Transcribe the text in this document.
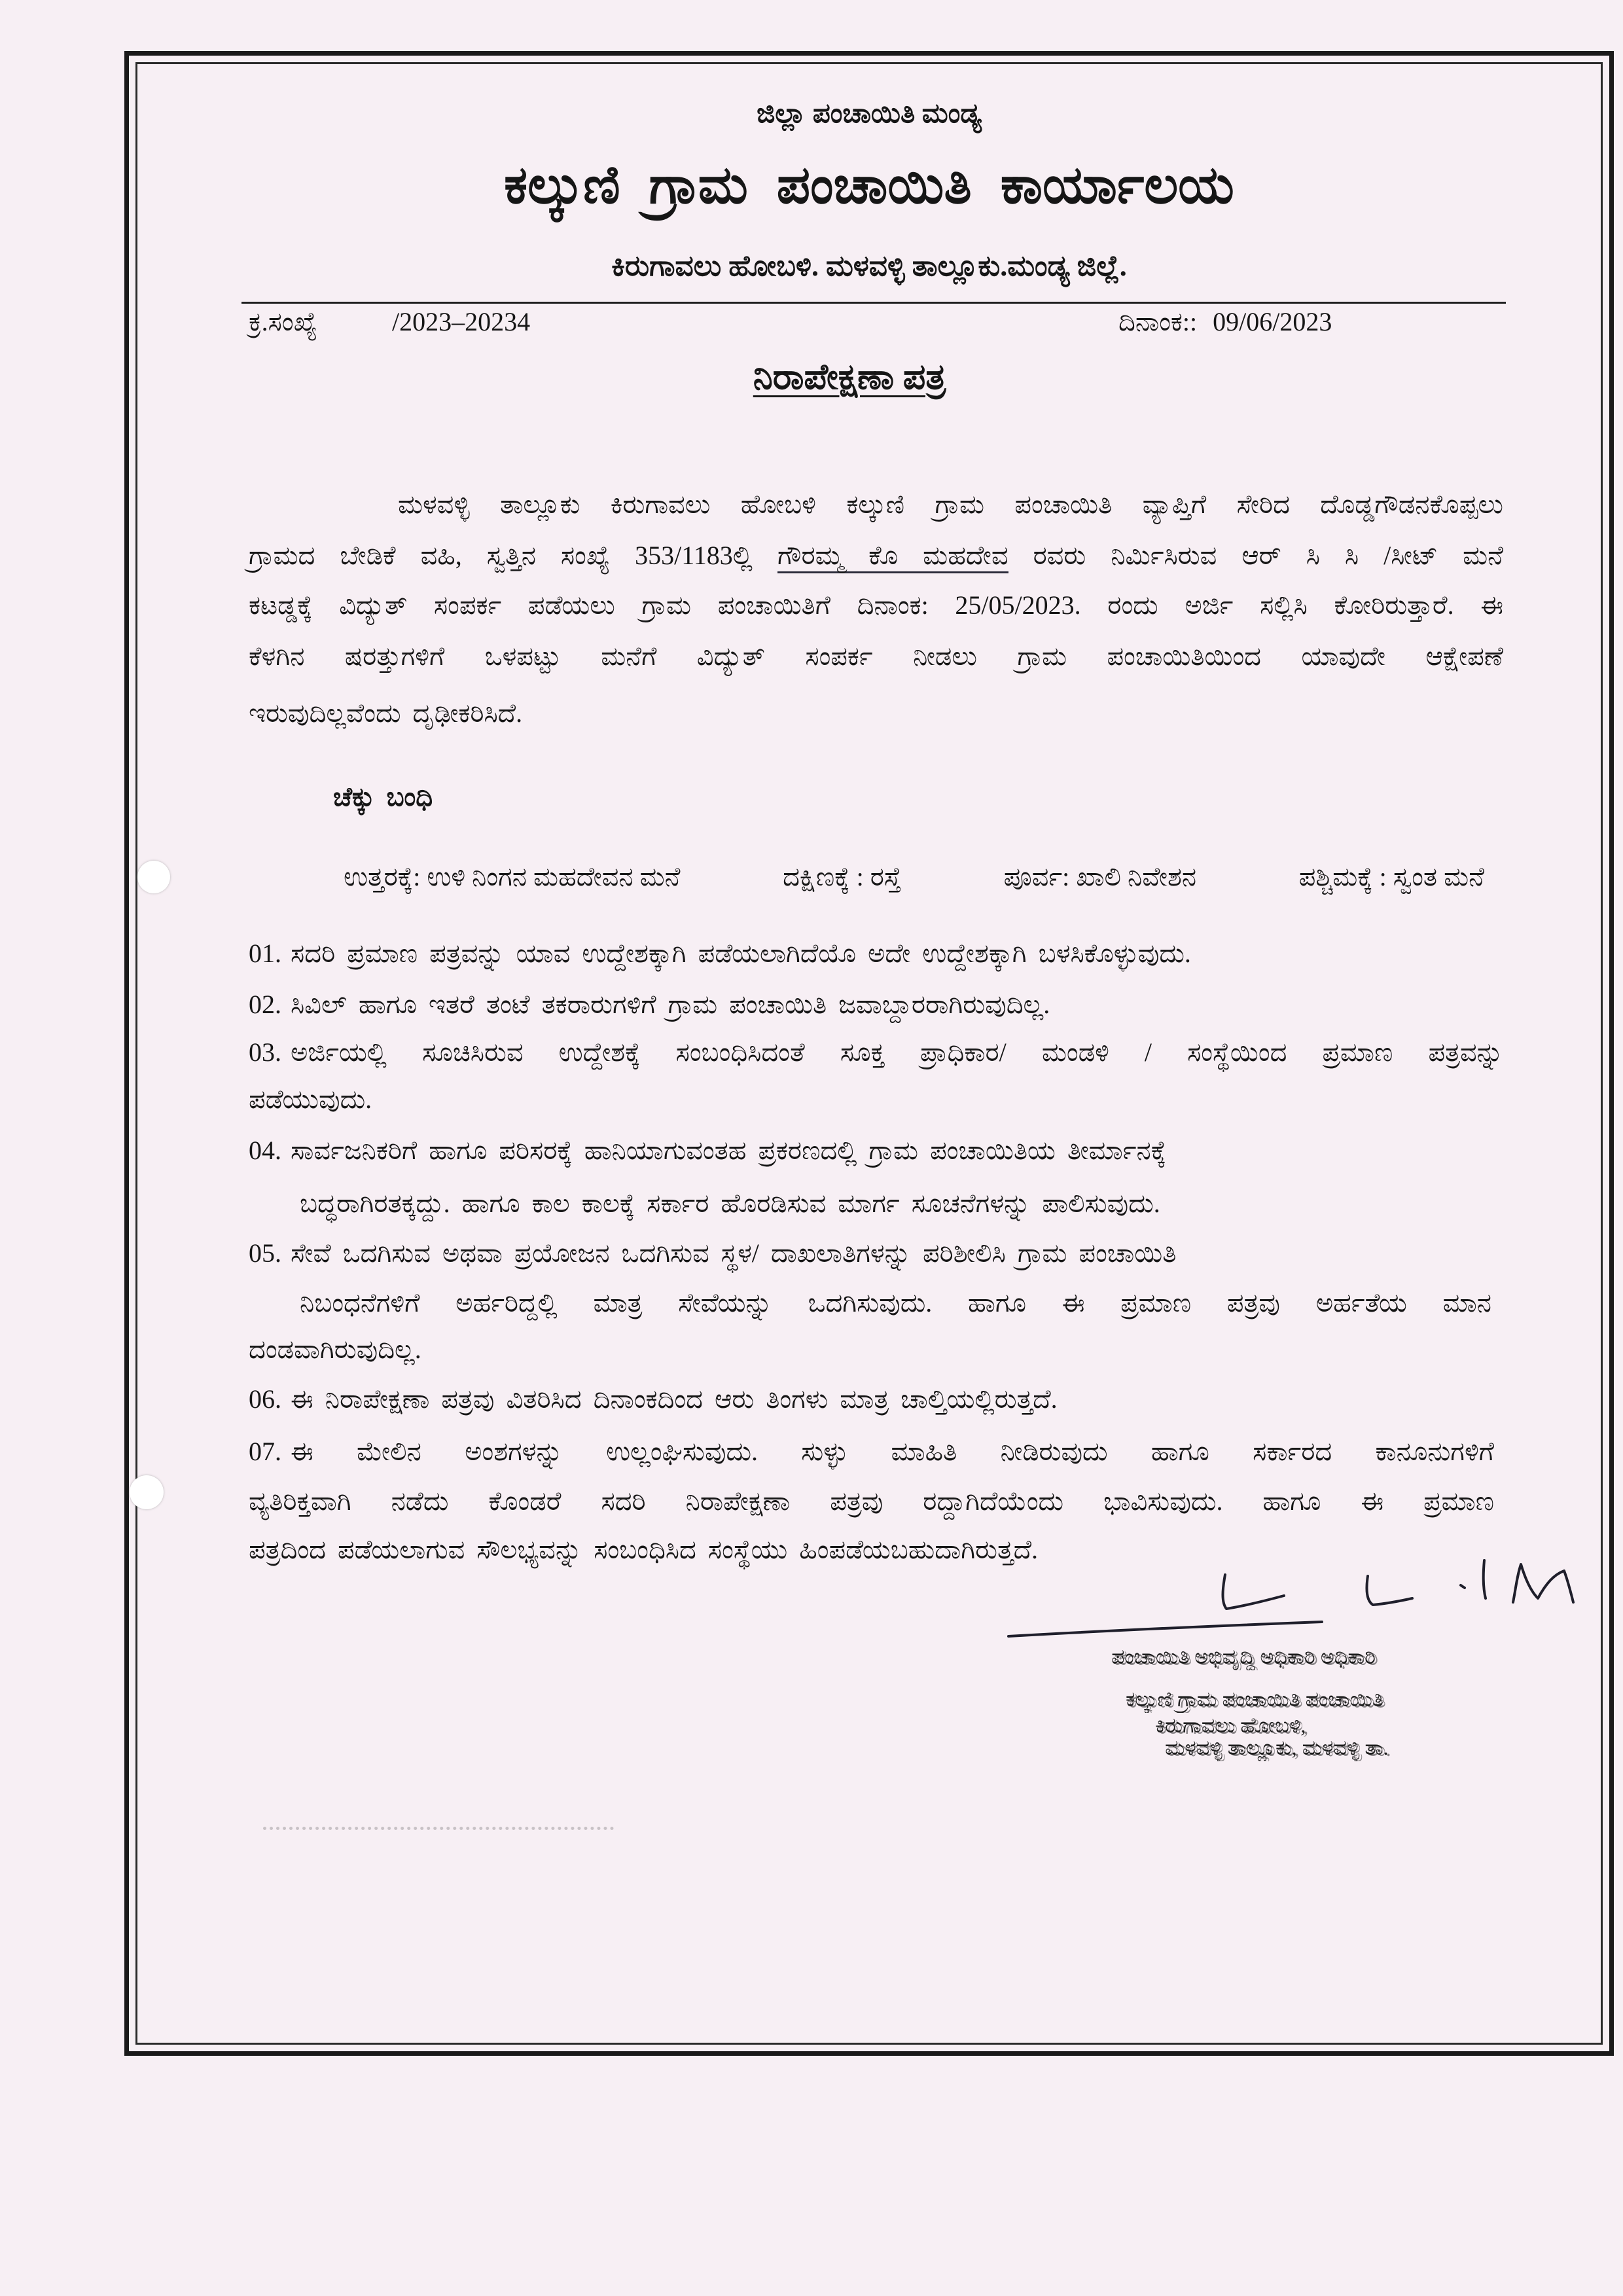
ಜಿಲ್ಲಾ ಪಂಚಾಯಿತಿ ಮಂಡ್ಯ
ಕಲ್ಕುಣಿ ಗ್ರಾಮ ಪಂಚಾಯಿತಿ ಕಾರ್ಯಾಲಯ
ಕಿರುಗಾವಲು ಹೋಬಳಿ. ಮಳವಳ್ಳಿ ತಾಲ್ಲೂಕು.ಮಂಡ್ಯ ಜಿಲ್ಲೆ.
ಕ್ರ.ಸಂಖ್ಯೆ	/2023–20234	ದಿನಾಂಕ:: 09/06/2023
ನಿರಾಪೇಕ್ಷಣಾ ಪತ್ರ
ಮಳವಳ್ಳಿ ತಾಲ್ಲೂಕು ಕಿರುಗಾವಲು ಹೋಬಳಿ ಕಲ್ಕುಣಿ ಗ್ರಾಮ ಪಂಚಾಯಿತಿ ವ್ಯಾಪ್ತಿಗೆ ಸೇರಿದ ದೊಡ್ಡಗೌಡನಕೊಪ್ಪಲು
ಗ್ರಾಮದ ಬೇಡಿಕೆ ವಹಿ, ಸ್ವತ್ತಿನ ಸಂಖ್ಯೆ 353/1183ಲ್ಲಿ ಗೌರಮ್ಮ ಕೊ ಮಹದೇವ ರವರು ನಿರ್ಮಿಸಿರುವ ಆರ್ ಸಿ ಸಿ /ಸೀಟ್ ಮನೆ
ಕಟಡ್ಡಕ್ಕೆ ವಿದ್ಯುತ್ ಸಂಪರ್ಕ ಪಡೆಯಲು ಗ್ರಾಮ ಪಂಚಾಯಿತಿಗೆ ದಿನಾಂಕ: 25/05/2023. ರಂದು ಅರ್ಜಿ ಸಲ್ಲಿಸಿ ಕೋರಿರುತ್ತಾರೆ. ಈ
ಕೆಳಗಿನ ಷರತ್ತುಗಳಿಗೆ ಒಳಪಟ್ಟು ಮನೆಗೆ ವಿದ್ಯುತ್ ಸಂಪರ್ಕ ನೀಡಲು ಗ್ರಾಮ ಪಂಚಾಯಿತಿಯಿಂದ ಯಾವುದೇ ಆಕ್ಷೇಪಣೆ
ಇರುವುದಿಲ್ಲವೆಂದು ದೃಢೀಕರಿಸಿದೆ.
ಚೆಕ್ಕು ಬಂಧಿ
ಉತ್ತರಕ್ಕೆ: ಉಳಿ ನಿಂಗನ ಮಹದೇವನ ಮನೆ	ದಕ್ಷಿಣಕ್ಕೆ : ರಸ್ತೆ	ಪೂರ್ವ: ಖಾಲಿ ನಿವೇಶನ	ಪಶ್ಚಿಮಕ್ಕೆ : ಸ್ವಂತ ಮನೆ
01. ಸದರಿ ಪ್ರಮಾಣ ಪತ್ರವನ್ನು ಯಾವ ಉದ್ದೇಶಕ್ಕಾಗಿ ಪಡೆಯಲಾಗಿದೆಯೊ ಅದೇ ಉದ್ದೇಶಕ್ಕಾಗಿ ಬಳಸಿಕೊಳ್ಳುವುದು.
02. ಸಿವಿಲ್ ಹಾಗೂ ಇತರೆ ತಂಟೆ ತಕರಾರುಗಳಿಗೆ ಗ್ರಾಮ ಪಂಚಾಯಿತಿ ಜವಾಬ್ದಾರರಾಗಿರುವುದಿಲ್ಲ.
03. ಅರ್ಜಿಯಲ್ಲಿ ಸೂಚಿಸಿರುವ ಉದ್ದೇಶಕ್ಕೆ ಸಂಬಂಧಿಸಿದಂತೆ ಸೂಕ್ತ ಪ್ರಾಧಿಕಾರ/ ಮಂಡಳಿ / ಸಂಸ್ಥೆಯಿಂದ ಪ್ರಮಾಣ ಪತ್ರವನ್ನು
ಪಡೆಯುವುದು.
04. ಸಾರ್ವಜನಿಕರಿಗೆ ಹಾಗೂ ಪರಿಸರಕ್ಕೆ ಹಾನಿಯಾಗುವಂತಹ ಪ್ರಕರಣದಲ್ಲಿ ಗ್ರಾಮ ಪಂಚಾಯಿತಿಯ ತೀರ್ಮಾನಕ್ಕೆ
ಬದ್ಧರಾಗಿರತಕ್ಕದ್ದು. ಹಾಗೂ ಕಾಲ ಕಾಲಕ್ಕೆ ಸರ್ಕಾರ ಹೊರಡಿಸುವ ಮಾರ್ಗ ಸೂಚನೆಗಳನ್ನು ಪಾಲಿಸುವುದು.
05. ಸೇವೆ ಒದಗಿಸುವ ಅಥವಾ ಪ್ರಯೋಜನ ಒದಗಿಸುವ ಸ್ಥಳ/ ದಾಖಲಾತಿಗಳನ್ನು ಪರಿಶೀಲಿಸಿ ಗ್ರಾಮ ಪಂಚಾಯಿತಿ
ನಿಬಂಧನೆಗಳಿಗೆ ಅರ್ಹರಿದ್ದಲ್ಲಿ ಮಾತ್ರ ಸೇವೆಯನ್ನು ಒದಗಿಸುವುದು. ಹಾಗೂ ಈ ಪ್ರಮಾಣ ಪತ್ರವು ಅರ್ಹತೆಯ ಮಾನ
ದಂಡವಾಗಿರುವುದಿಲ್ಲ.
06. ಈ ನಿರಾಪೇಕ್ಷಣಾ ಪತ್ರವು ವಿತರಿಸಿದ ದಿನಾಂಕದಿಂದ ಆರು ತಿಂಗಳು ಮಾತ್ರ ಚಾಲ್ತಿಯಲ್ಲಿರುತ್ತದೆ.
07. ಈ ಮೇಲಿನ ಅಂಶಗಳನ್ನು ಉಲ್ಲಂಘಿಸುವುದು. ಸುಳ್ಳು ಮಾಹಿತಿ ನೀಡಿರುವುದು ಹಾಗೂ ಸರ್ಕಾರದ ಕಾನೂನುಗಳಿಗೆ
ವ್ಯತಿರಿಕ್ತವಾಗಿ ನಡೆದು ಕೊಂಡರೆ ಸದರಿ ನಿರಾಪೇಕ್ಷಣಾ ಪತ್ರವು ರದ್ದಾಗಿದೆಯೆಂದು ಭಾವಿಸುವುದು. ಹಾಗೂ ಈ ಪ್ರಮಾಣ
ಪತ್ರದಿಂದ ಪಡೆಯಲಾಗುವ ಸೌಲಭ್ಯವನ್ನು ಸಂಬಂಧಿಸಿದ ಸಂಸ್ಥೆಯು ಹಿಂಪಡೆಯಬಹುದಾಗಿರುತ್ತದೆ.
ಪಂಚಾಯಿತಿ ಅಭಿವೃದ್ಧಿ ಅಧಿಕಾರಿ ಅಧಿಕಾರಿ
ಕಲ್ಕುಣಿ ಗ್ರಾಮ ಪಂಚಾಯಿತಿ ಪಂಚಾಯಿತಿ
ಕಿರುಗಾವಲು ಹೋಬಳಿ,
ಮಳವಳ್ಳಿ ತಾಲ್ಲೂಕು, ಮಳವಳ್ಳಿ ತಾ.
